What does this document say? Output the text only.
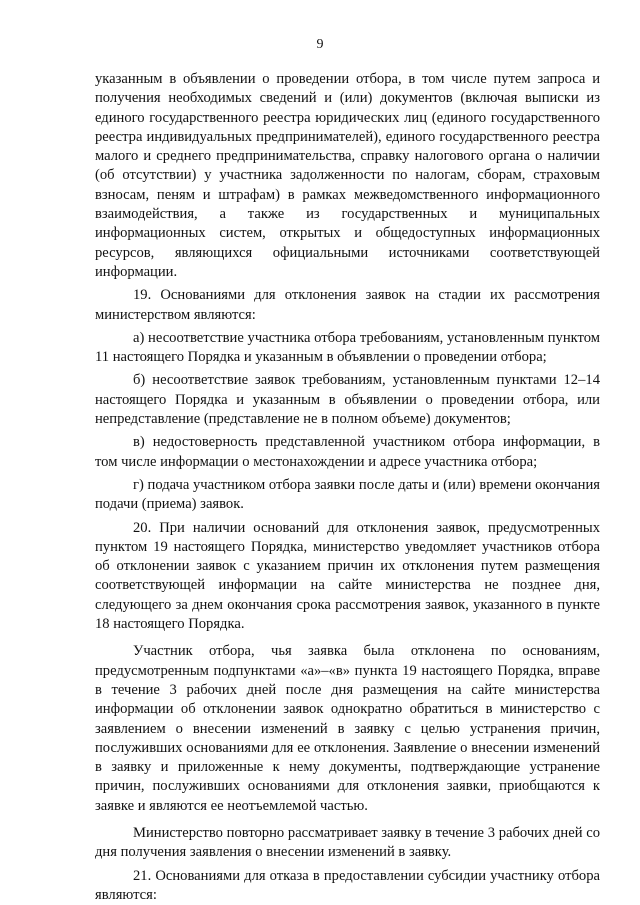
9

указанным в объявлении о проведении отбора, в том числе путем запроса и получения необходимых сведений и (или) документов (включая выписки из единого государственного реестра юридических лиц (единого государственного реестра индивидуальных предпринимателей), единого государственного реестра малого и среднего предпринимательства, справку налогового органа о наличии (об отсутствии) у участника задолженности по налогам, сборам, страховым взносам, пеням и штрафам) в рамках межведомственного информационного взаимодействия, а также из государственных и муниципальных информационных систем, открытых и общедоступных информационных ресурсов, являющихся официальными источниками соответствующей информации.

19. Основаниями для отклонения заявок на стадии их рассмотрения министерством являются:

а) несоответствие участника отбора требованиям, установленным пунктом 11 настоящего Порядка и указанным в объявлении о проведении отбора;

б) несоответствие заявок требованиям, установленным пунктами 12–14 настоящего Порядка и указанным в объявлении о проведении отбора, или непредставление (представление не в полном объеме) документов;

в) недостоверность представленной участником отбора информации, в том числе информации о местонахождении и адресе участника отбора;

г) подача участником отбора заявки после даты и (или) времени окончания подачи (приема) заявок.

20. При наличии оснований для отклонения заявок, предусмотренных пунктом 19 настоящего Порядка, министерство уведомляет участников отбора об отклонении заявок с указанием причин их отклонения путем размещения соответствующей информации на сайте министерства не позднее дня, следующего за днем окончания срока рассмотрения заявок, указанного в пункте 18 настоящего Порядка.

Участник отбора, чья заявка была отклонена по основаниям, предусмотренным подпунктами «а»–«в» пункта 19 настоящего Порядка, вправе в течение 3 рабочих дней после дня размещения на сайте министерства информации об отклонении заявок однократно обратиться в министерство с заявлением о внесении изменений в заявку с целью устранения причин, послуживших основаниями для ее отклонения. Заявление о внесении изменений в заявку и приложенные к нему документы, подтверждающие устранение причин, послуживших основаниями для отклонения заявки, приобщаются к заявке и являются ее неотъемлемой частью.

Министерство повторно рассматривает заявку в течение 3 рабочих дней со дня получения заявления о внесении изменений в заявку.

21. Основаниями для отказа в предоставлении субсидии участнику отбора являются:
